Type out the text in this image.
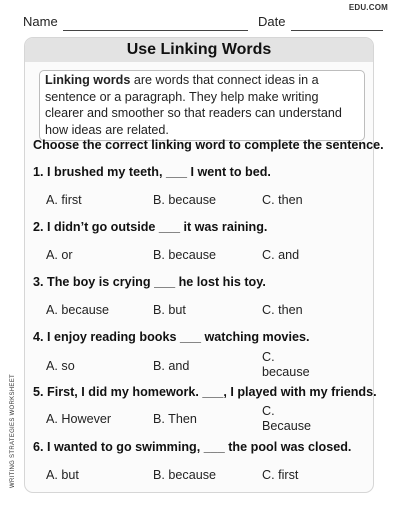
EDU.COM
Name	Date
Use Linking Words
Linking words are words that connect ideas in a sentence or a paragraph. They help make writing clearer and smoother so that readers can understand how ideas are related.
Choose the correct linking word to complete the sentence.
1. I brushed my teeth, ___ I went to bed.
A. first	B. because	C. then
2. I didn’t go outside ___ it was raining.
A. or	B. because	C. and
3. The boy is crying ___ he lost his toy.
A. because	B. but	C. then
4. I enjoy reading books ___ watching movies.
A. so	B. and
C. because
5. First, I did my homework. ___, I played with my friends.
A. However	B. Then
C. Because
6. I wanted to go swimming, ___ the pool was closed.
A. but	B. because	C. first
WRITING STRATEGIES WORKSHEET
